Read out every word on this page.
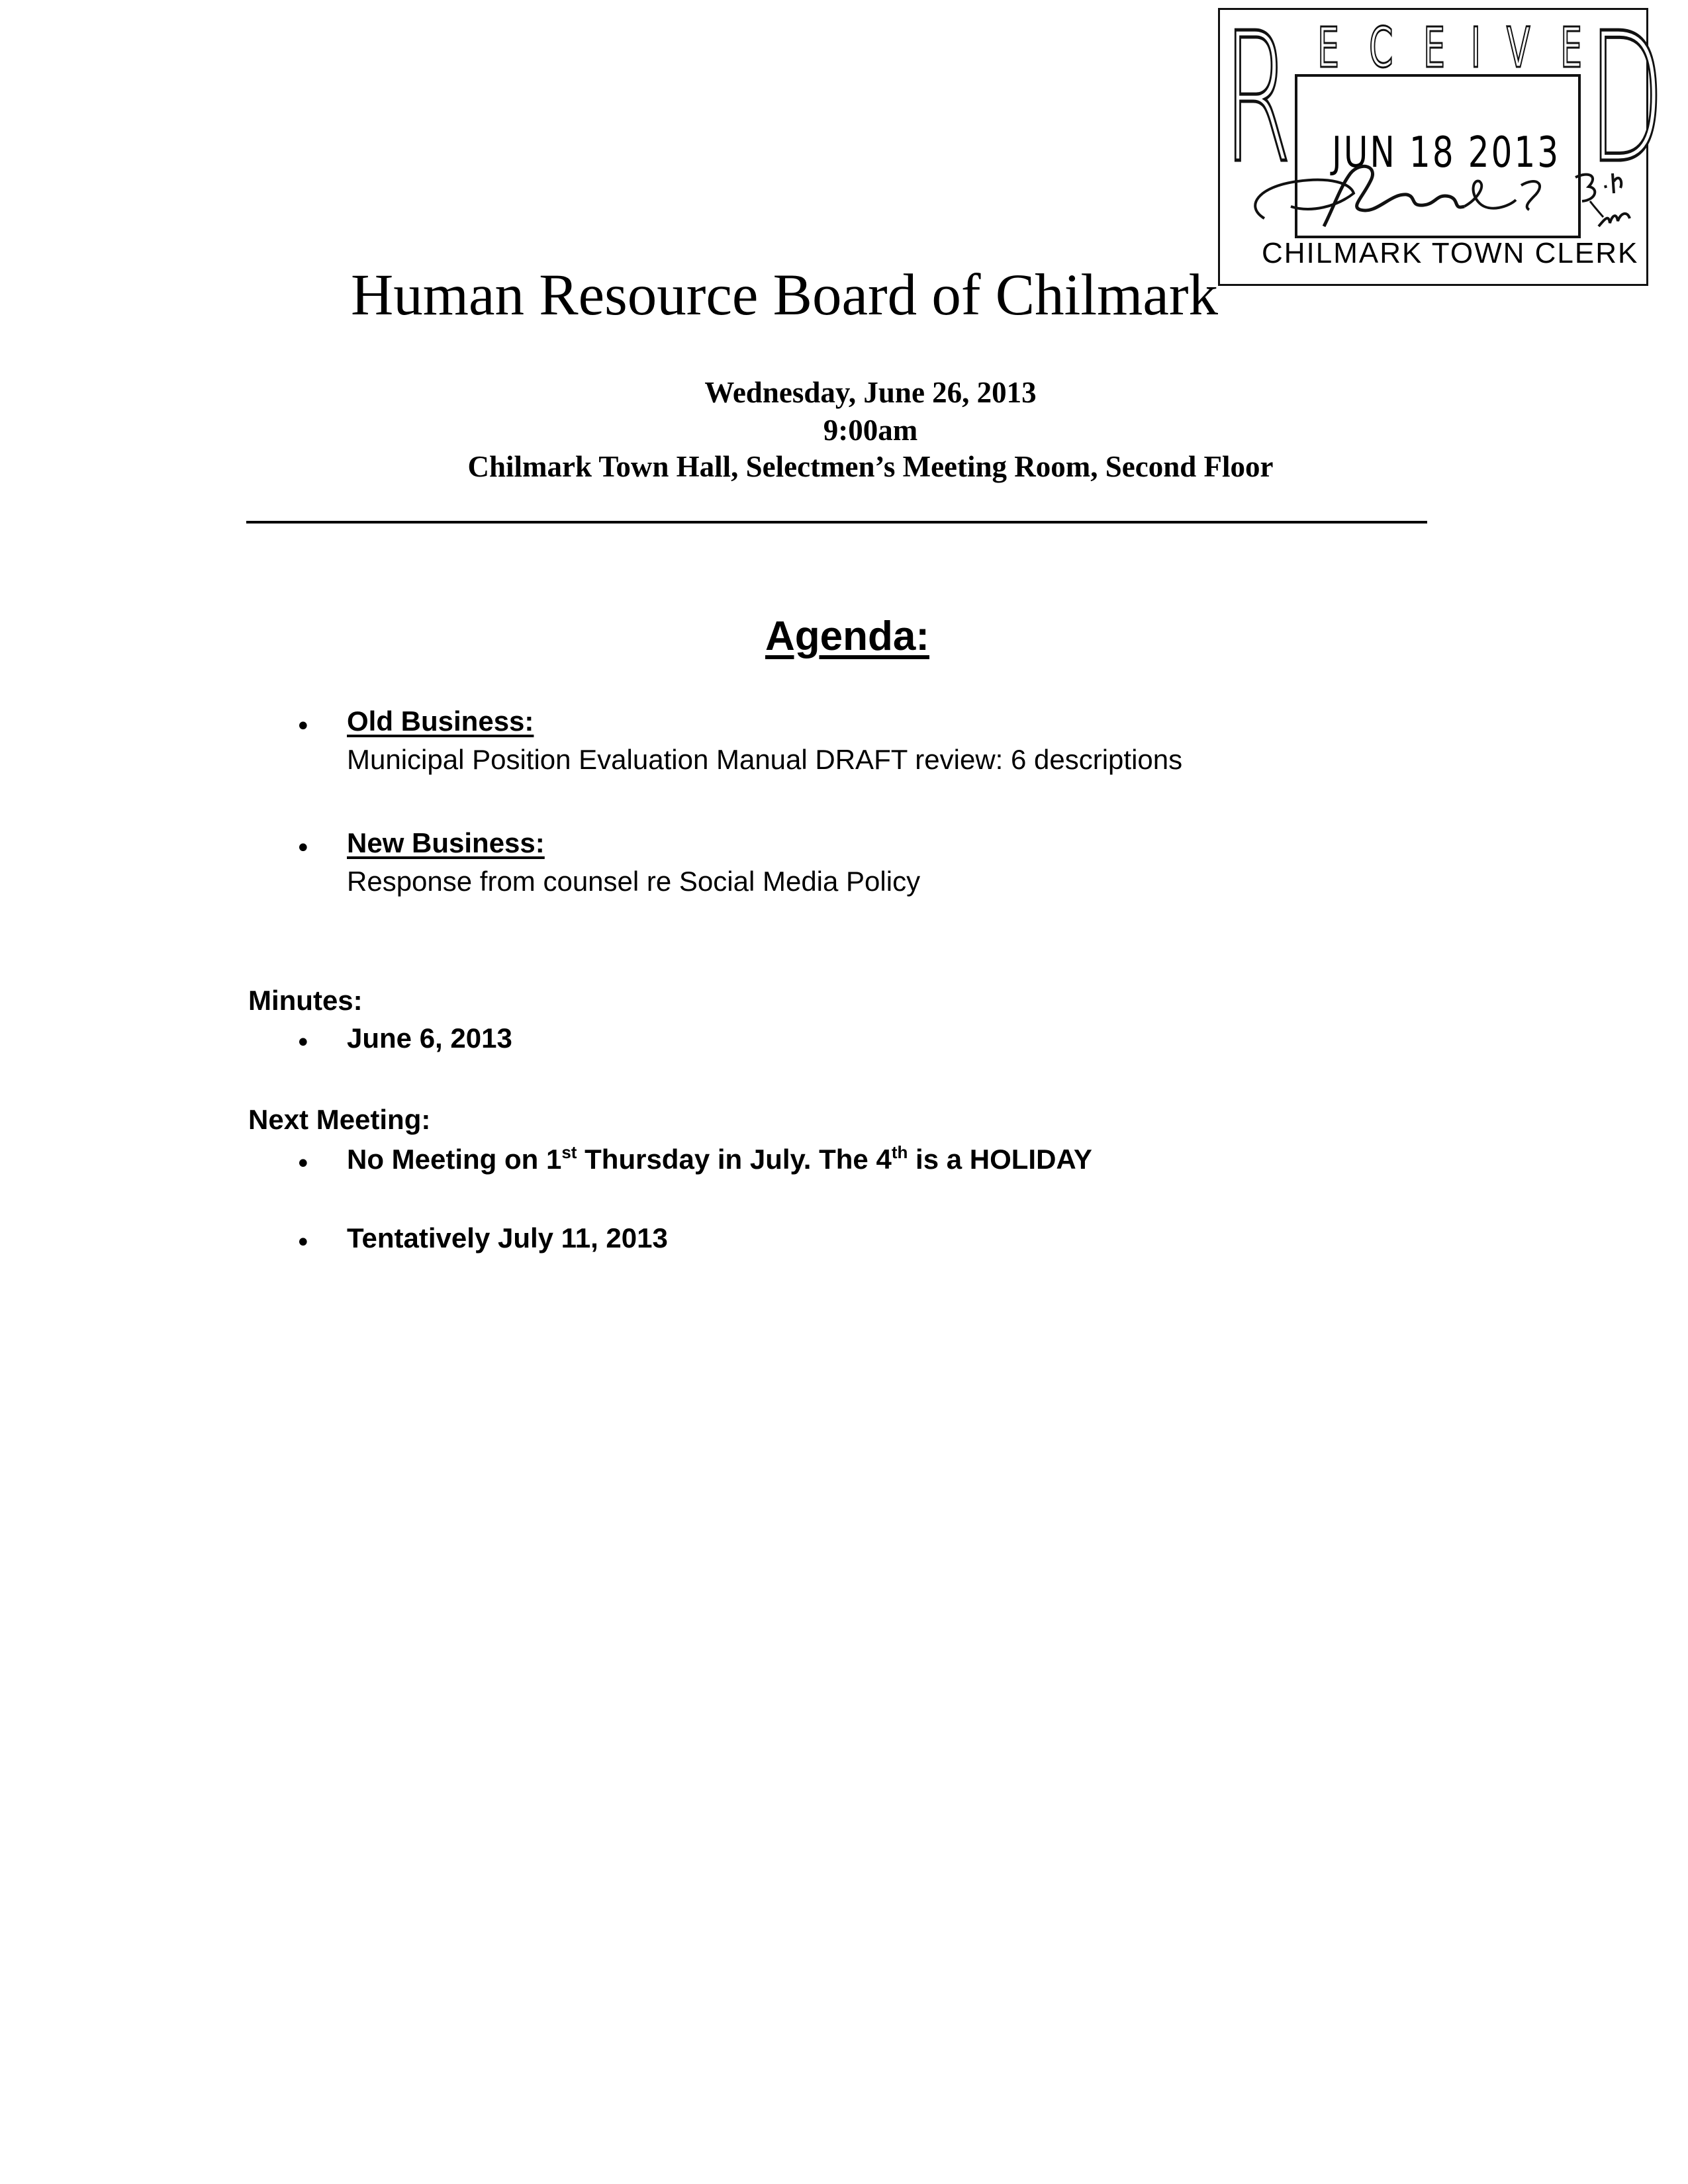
R E C E I V E D
JUN 18 2013
CHILMARK TOWN CLERK
Human Resource Board of Chilmark
Wednesday, June 26, 2013
9:00am
Chilmark Town Hall, Selectmen’s Meeting Room, Second Floor
Agenda:
• Old Business:
Municipal Position Evaluation Manual DRAFT review: 6 descriptions
• New Business:
Response from counsel re Social Media Policy
Minutes:
• June 6, 2013
Next Meeting:
• No Meeting on 1st Thursday in July. The 4th is a HOLIDAY
• Tentatively July 11, 2013
